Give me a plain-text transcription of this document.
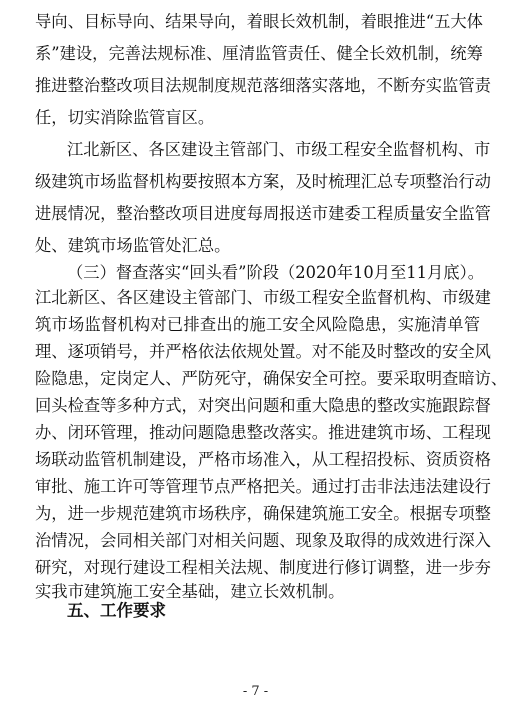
导向、目标导向、结果导向，着眼长效机制，着眼推进“五大体
系”建设，完善法规标准、厘清监管责任、健全长效机制，统筹
推进整治整改项目法规制度规范落细落实落地，不断夯实监管责
任，切实消除监管盲区。
江北新区、各区建设主管部门、市级工程安全监督机构、市
级建筑市场监督机构要按照本方案，及时梳理汇总专项整治行动
进展情况，整治整改项目进度每周报送市建委工程质量安全监管
处、建筑市场监管处汇总。
（三）督查落实“回头看”阶段（2020年10月至11月底）。
江北新区、各区建设主管部门、市级工程安全监督机构、市级建
筑市场监督机构对已排查出的施工安全风险隐患，实施清单管
理、逐项销号，并严格依法依规处置。对不能及时整改的安全风
险隐患，定岗定人、严防死守，确保安全可控。要采取明查暗访、
回头检查等多种方式，对突出问题和重大隐患的整改实施跟踪督
办、闭环管理，推动问题隐患整改落实。推进建筑市场、工程现
场联动监管机制建设，严格市场准入，从工程招投标、资质资格
审批、施工许可等管理节点严格把关。通过打击非法违法建设行
为，进一步规范建筑市场秩序，确保建筑施工安全。根据专项整
治情况，会同相关部门对相关问题、现象及取得的成效进行深入
研究，对现行建设工程相关法规、制度进行修订调整，进一步夯
实我市建筑施工安全基础，建立长效机制。
- 7 -
五、工作要求
